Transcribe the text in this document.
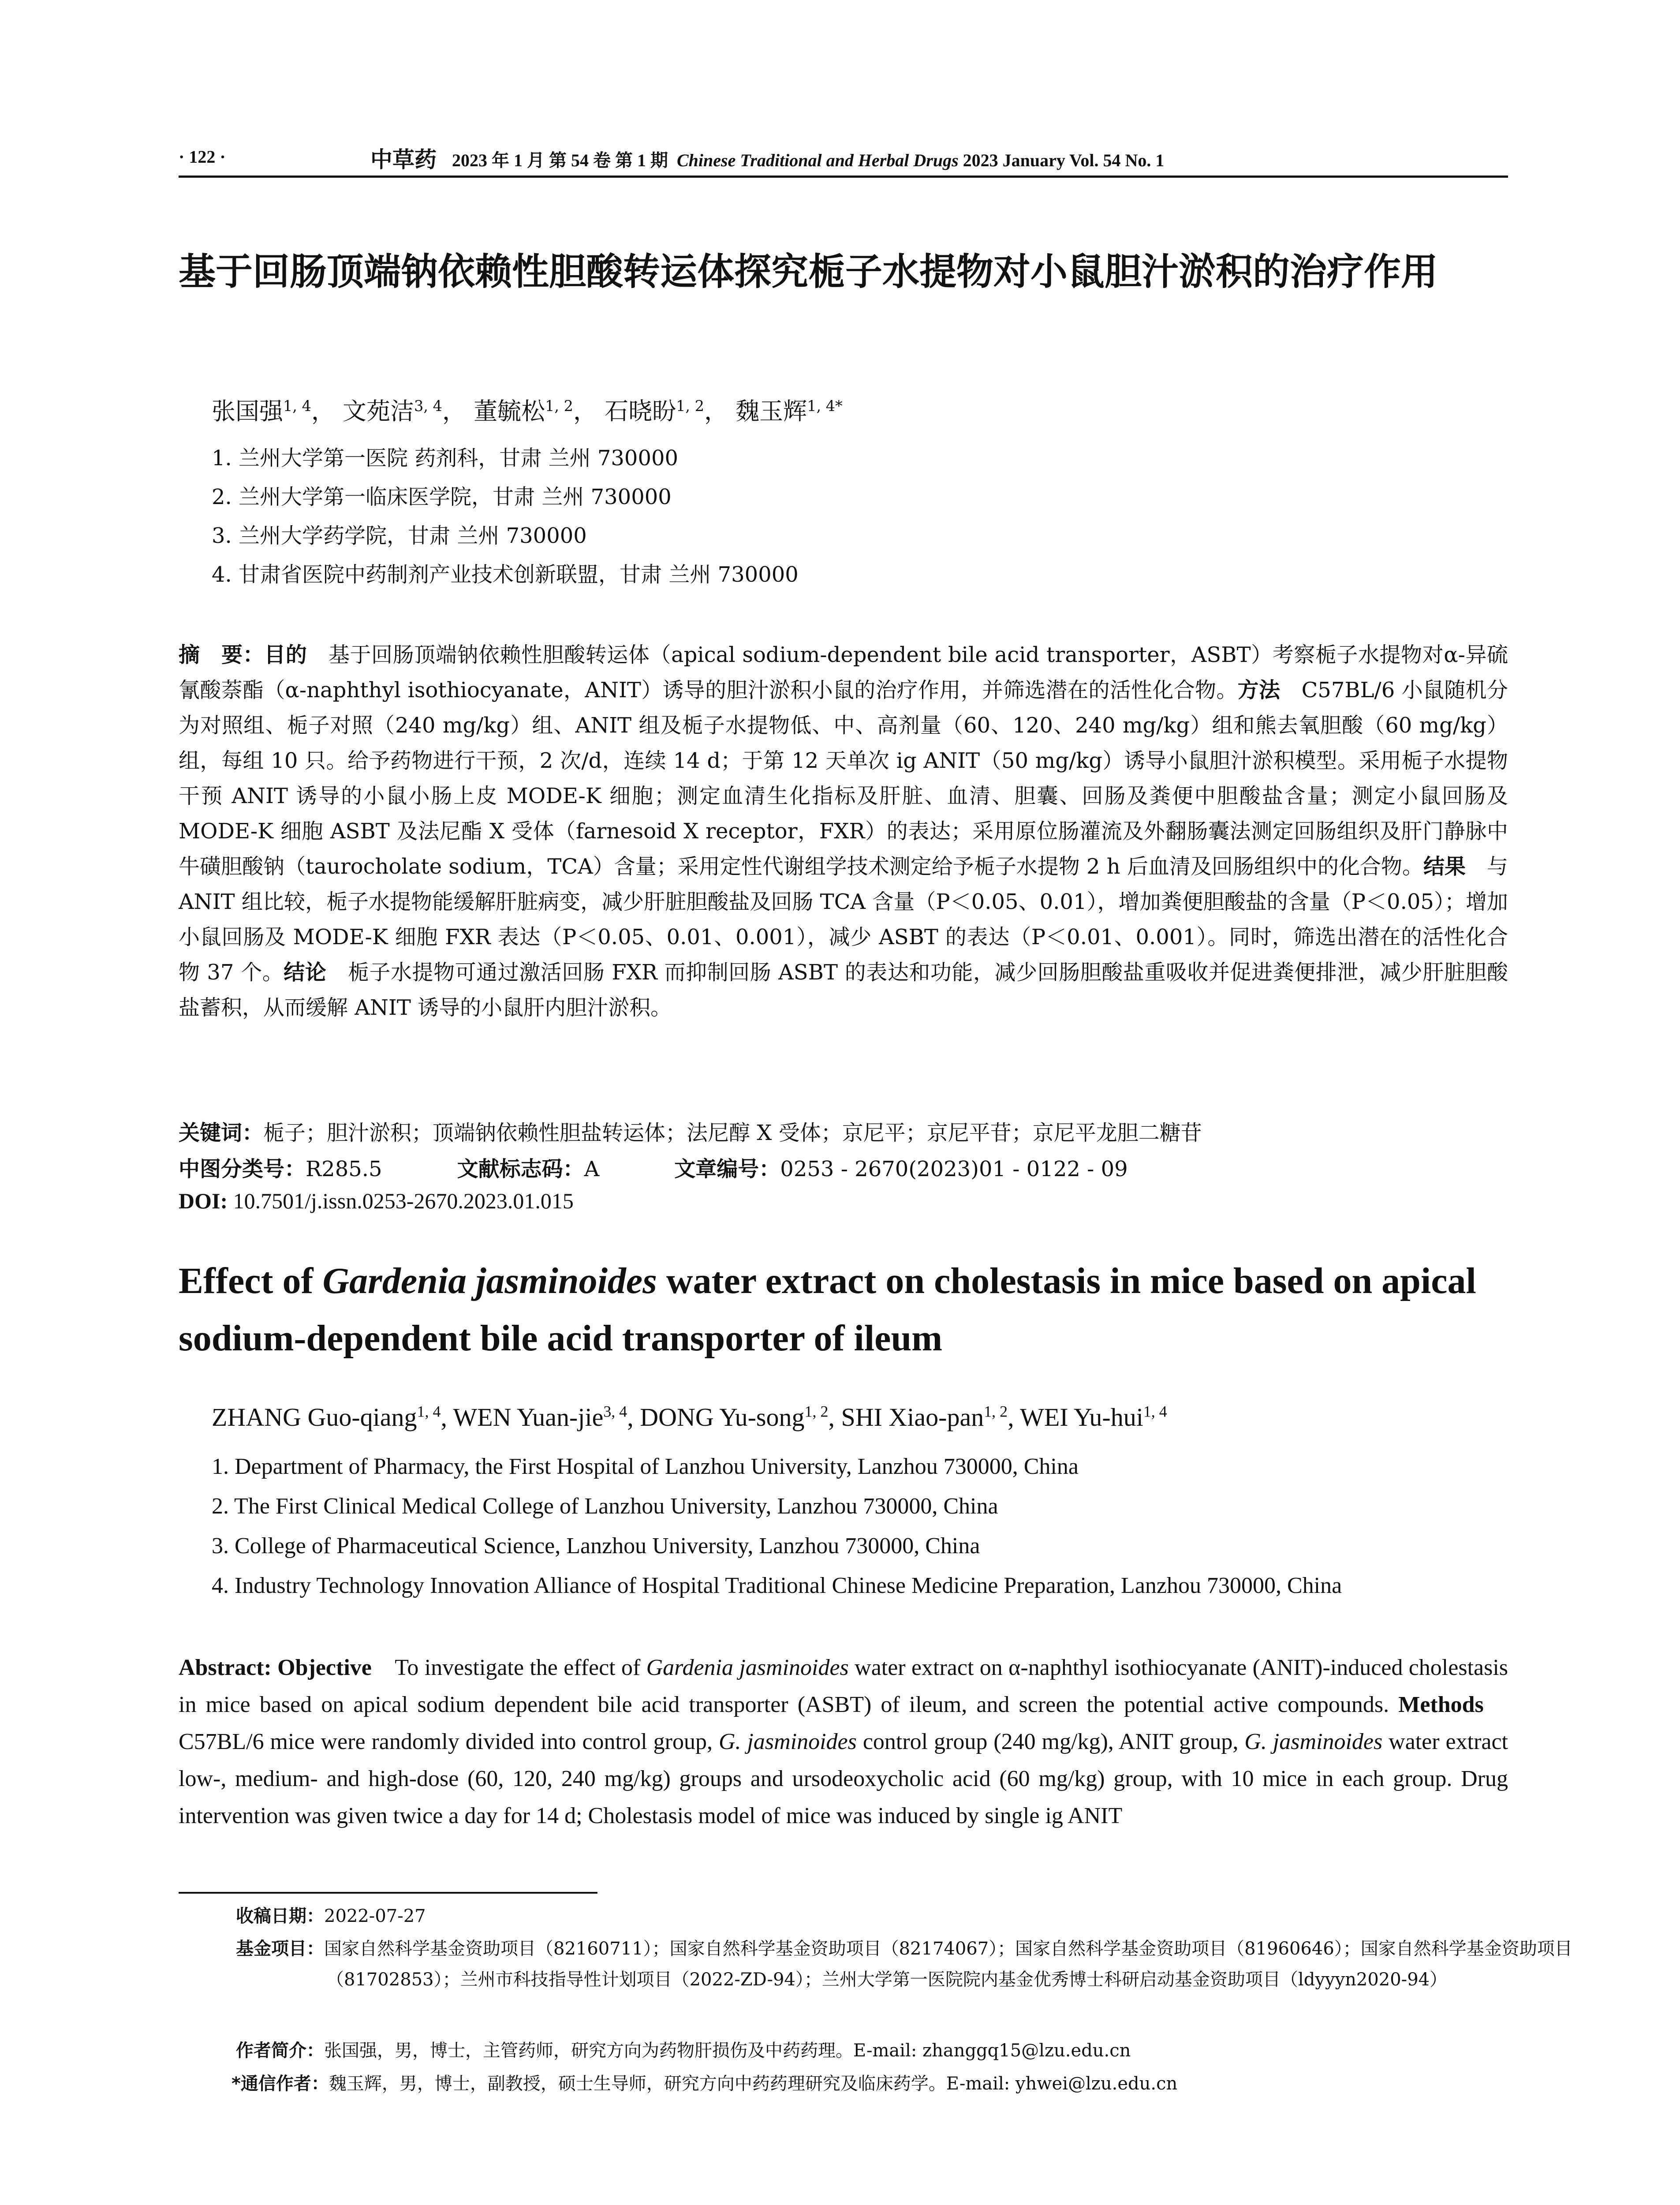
· 122 ·	中草药 2023 年 1 月 第 54 卷 第 1 期 Chinese Traditional and Herbal Drugs 2023 January Vol. 54 No. 1
基于回肠顶端钠依赖性胆酸转运体探究栀子水提物对小鼠胆汁淤积的治疗作用
张国强$^{1, 4}$， 文苑洁$^{3, 4}$， 董毓松$^{1, 2}$， 石晓盼$^{1, 2}$， 魏玉辉$^{1, 4*}$
1. 兰州大学第一医院 药剂科，甘肃 兰州 730000
2. 兰州大学第一临床医学院，甘肃 兰州 730000
3. 兰州大学药学院，甘肃 兰州 730000
4. 甘肃省医院中药制剂产业技术创新联盟，甘肃 兰州 730000
摘　要：目的　 基于回肠顶端钠依赖性胆酸转运体（apical sodium-dependent bile acid transporter，ASBT）考察栀子水提物对α-异硫氰酸萘酯（α-naphthyl isothiocyanate，ANIT）诱导的胆汁淤积小鼠的治疗作用，并筛选潜在的活性化合物。方法　 C57BL/6 小鼠随机分为对照组、栀子对照（240 mg/kg）组、ANIT 组及栀子水提物低、中、高剂量（60、120、240 mg/kg）组和熊去氧胆酸（60 mg/kg）组，每组 10 只。给予药物进行干预，2 次/d，连续 14 d；于第 12 天单次 ig ANIT（50 mg/kg）诱导小鼠胆汁淤积模型。采用栀子水提物干预 ANIT 诱导的小鼠小肠上皮 MODE-K 细胞；测定血清生化指标及肝脏、血清、胆囊、回肠及粪便中胆酸盐含量；测定小鼠回肠及 MODE-K 细胞 ASBT 及法尼酯 X 受体（farnesoid X receptor，FXR）的表达；采用原位肠灌流及外翻肠囊法测定回肠组织及肝门静脉中牛磺胆酸钠（taurocholate sodium，TCA）含量；采用定性代谢组学技术测定给予栀子水提物 2 h 后血清及回肠组织中的化合物。结果　 与 ANIT 组比较，栀子水提物能缓解肝脏病变，减少肝脏胆酸盐及回肠 TCA 含量（P＜0.05、0.01），增加粪便胆酸盐的含量（P＜0.05）；增加小鼠回肠及 MODE-K 细胞 FXR 表达（P＜0.05、0.01、0.001），减少 ASBT 的表达（P＜0.01、0.001）。同时，筛选出潜在的活性化合物 37 个。结论　 栀子水提物可通过激活回肠 FXR 而抑制回肠 ASBT 的表达和功能，减少回肠胆酸盐重吸收并促进粪便排泄，减少肝脏胆酸盐蓄积，从而缓解 ANIT 诱导的小鼠肝内胆汁淤积。
关键词：栀子；胆汁淤积；顶端钠依赖性胆盐转运体；法尼醇 X 受体；京尼平；京尼平苷；京尼平龙胆二糖苷
中图分类号：R285.5	文献标志码：A	文章编号：0253 - 2670(2023)01 - 0122 - 09
DOI: 10.7501/j.issn.0253-2670.2023.01.015
Effect of Gardenia jasminoides water extract on cholestasis in mice based on apical sodium-dependent bile acid transporter of ileum
ZHANG Guo-qiang$^{1, 4}$, WEN Yuan-jie$^{3, 4}$, DONG Yu-song$^{1, 2}$, SHI Xiao-pan$^{1, 2}$, WEI Yu-hui$^{1, 4}$
1. Department of Pharmacy, the First Hospital of Lanzhou University, Lanzhou 730000, China
2. The First Clinical Medical College of Lanzhou University, Lanzhou 730000, China
3. College of Pharmaceutical Science, Lanzhou University, Lanzhou 730000, China
4. Industry Technology Innovation Alliance of Hospital Traditional Chinese Medicine Preparation, Lanzhou 730000, China
Abstract: Objective To investigate the effect of Gardenia jasminoides water extract on α-naphthyl isothiocyanate (ANIT)-induced cholestasis in mice based on apical sodium dependent bile acid transporter (ASBT) of ileum, and screen the potential active compounds. Methods    C57BL/6 mice were randomly divided into control group, G. jasminoides control group (240 mg/kg), ANIT group, G. jasminoides water extract low-, medium- and high-dose (60, 120, 240 mg/kg) groups and ursodeoxycholic acid (60 mg/kg) group, with 10 mice in each group. Drug intervention was given twice a day for 14 d; Cholestasis model of mice was induced by single ig ANIT
收稿日期：2022-07-27
基金项目：国家自然科学基金资助项目（82160711）；国家自然科学基金资助项目（82174067）；国家自然科学基金资助项目（81960646）；国家自然科学基金资助项目（81702853）；兰州市科技指导性计划项目（2022-ZD-94）；兰州大学第一医院院内基金优秀博士科研启动基金资助项目（ldyyyn2020-94）
作者简介：张国强，男，博士，主管药师，研究方向为药物肝损伤及中药药理。E-mail: zhanggq15@lzu.edu.cn
*通信作者：魏玉辉，男，博士，副教授，硕士生导师，研究方向中药药理研究及临床药学。E-mail: yhwei@lzu.edu.cn
